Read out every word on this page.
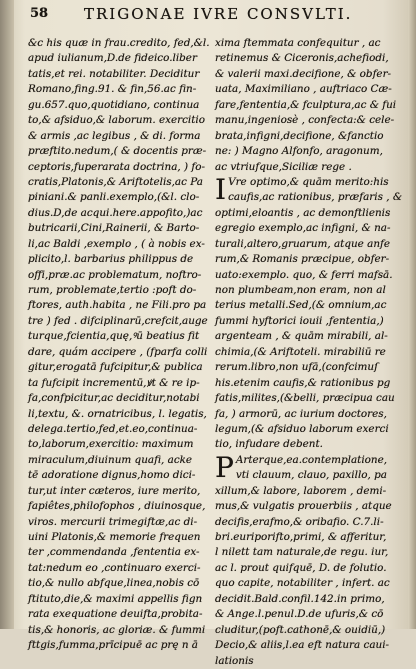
58 TRIGONAE IVRE CONSVLTI.
&c his quæ in frau.credito, fed,&l.
apud iulianum,D.de fideico.liber
tatis,et rei. notabiliter. Deciditur
Romano,fing.91. & fin,56.ac fin-
gu.657.quo,quotidiano, continua
to,& afsiduo,& laborum. exercitio
& armis ,ac legibus , & di. forma
præftito.nedum,( & docentis præ-
ceptoris,fuperarata doctrina, ) fo-
cratis,Platonis,& Ariftotelis,ac Pa
piniani.& panli.exemplo,(&l. clo-
dius.D,de acqui.here.appofito,)ac
butricarii,Cini,Rainerii, & Barto-
li,ac Baldi ,exemplo , ( à nobis ex-
plicito,l. barbarius philippus de
offi,præ.ac problematum, noftro-
rum, problemate,tertio :poft do-
ftores, auth.habita , ne Fili.pro pa
tre ) fed . difciplinarū,crefcit,auge
turque,fcientia,quę,ꝰū beatius fit
dare, quám accipere , (fparfa colli
gitur,erogatā fufcipitur,& publica
ta fufcipit incrementū,ꝟt & re ip-
fa,confpicitur,ac deciditur,notabi
li,textu, &. ornatricibus, l. legatis,
delega.tertio,fed,et.eo,continua-
to,laborum,exercitio: maximum
miraculum,diuinum quafi, acke
tē adoratione dignus,homo dici-
tur,ut inter cæteros, iure merito,
fapiêtes,philofophos , diuinosque,
viros. mercurii trimegiftæ,ac di-
uini Platonis,& memorie frequen
ter ,commendanda ,fententia ex-
tat:nedum eo ,continuaro exerci-
tio,& nullo abfque,linea,nobis cō
ftituto,die,& maximi appellis fign
rata exequatione deuifta,probita-
tis,& honoris, ac gloriæ. & fummi
fttgis,fumma,prīcipuē ac prę n ā
xima ftemmata confequitur , ac
retinemus & Ciceronis,achefiodi,
& valerii maxi.decifione, & obfer-
uata, Maximiliano , auftriaco Cæ-
fare,fententia,& fculptura,ac & fui
manu,ingeniosè , confecta:& cele-
brata,infigni,decifione, &fanctio
ne: ) Magno Alfonfo, aragonum,
ac vtriufque,Siciliæ rege .
I Vre optimo,& quām merito:his
caufis,ac rationibus, præfaris , &
optimi,eloantis , ac demonftlienis
egregio exemplo,ac infigni, & na-
turali,altero,gruarum, atque anfe
rum,& Romanis præcipue, obfer-
uato:exemplo. quo, & ferri mafsā.
non plumbeam,non eram, non al
terius metalli.Sed,(& omnium,ac
fummi hyftorici iouii ,fententia,)
argenteam , & quām mirabili, al-
chimia,(& Ariftoteli. mirabiliū re
rerum.libro,non ufā,(confcimuſ
his.etenim caufis,& rationibus pg
fatis,milites,(&belli, præcipua cau
fa, ) armorū, ac iurium doctores,
legum,(& afsiduo laborum exerci
tio, infudare debent.
P Arterque,ea.contemplatione,
vti clauum, clauo, paxillo, pa
xillum,& labore, laborem , demi-
mus,& vulgatis prouerbiis , atque
decifis,erafmo,& oribafio. C.7.li-
bri.euriporifto,primi, & afferitur,
l nilett tam naturale,de regu. iur,
ac l. prout quifquē, D. de folutio.
quo capite, notabiliter , infert. ac
decidit.Bald.confil.142.in primo,
& Ange.l.penul.D.de ufuris,& cō
cluditur,(poft.cathonē,& ouidiū,)
Decio,& aliis,l.ea eft natura caui-
lationis
